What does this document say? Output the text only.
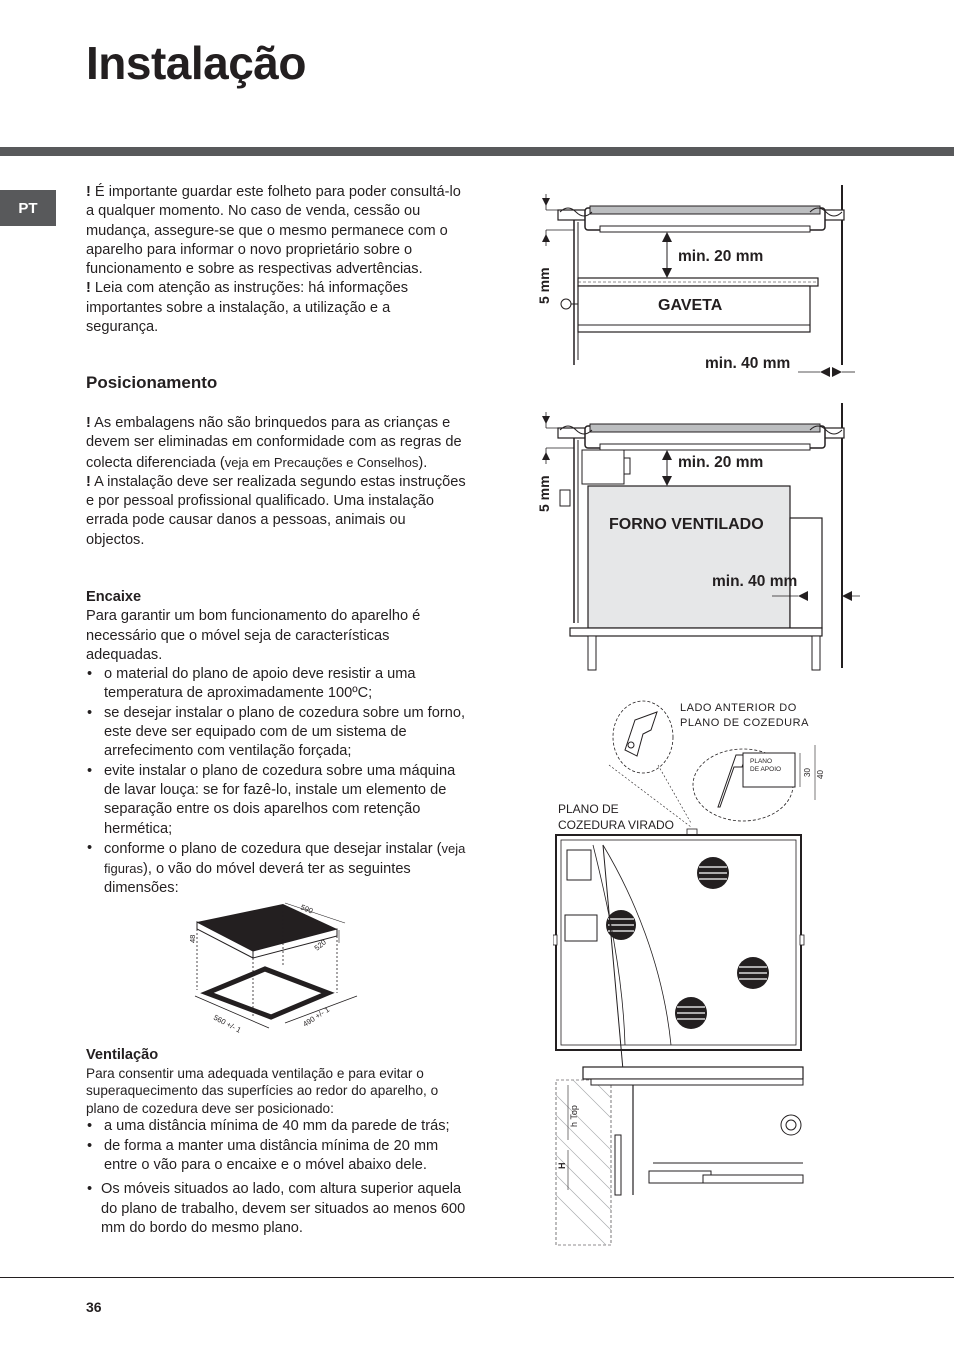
Instalação
PT

! É importante guardar este folheto para poder consultá-lo a qualquer momento. No caso de venda, cessão ou mudança, assegure-se que o mesmo permanece com o aparelho para informar o novo proprietário sobre o funcionamento e sobre as respectivas advertências.

! Leia com atenção as instruções: há informações importantes sobre a instalação, a utilização e a segurança.

Posicionamento

! As embalagens não são brinquedos para as crianças e devem ser eliminadas em conformidade com as regras de colecta diferenciada (veja em Precauções e Conselhos).

! A instalação deve ser realizada segundo estas instruções e por pessoal profissional qualificado. Uma instalação errada pode causar danos a pessoas, animais ou objectos.

Encaixe

Para garantir um bom funcionamento do aparelho é necessário que o móvel seja de características adequadas.

• o material do plano de apoio deve resistir a uma temperatura de aproximadamente 100ºC;
• se desejar instalar o plano de cozedura sobre um forno, este deve ser equipado com de um sistema de arrefecimento com ventilação forçada;
• evite instalar o plano de cozedura sobre uma máquina de lavar louça: se for fazê-lo, instale um elemento de separação entre os dois aparelhos com retenção hermética;
• conforme o plano de cozedura que desejar instalar (veja figuras), o vão do móvel deverá ter as seguintes dimensões:
590
48	520
560 +/- 1	490 +/- 1
Ventilação

Para consentir uma adequada ventilação e para evitar o superaquecimento das superfícies ao redor do aparelho, o plano de cozedura deve ser posicionado:

• a uma distância mínima de 40 mm da parede de trás;
• de forma a manter uma distância mínima de 20 mm entre o vão para o encaixe e o móvel abaixo dele.
• Os móveis situados ao lado, com altura superior aquela do plano de trabalho, devem ser situados ao menos 600 mm do bordo do mesmo plano.
min. 20 mm
GAVETA
min. 40 mm
5 mm
min. 20 mm
FORNO VENTILADO
min. 40 mm
5 mm
LADO ANTERIOR DO
PLANO DE COZEDURA
PLANO
DE APOIO	30 40
PLANO DE
COZEDURA VIRADO
h Top
H
36
